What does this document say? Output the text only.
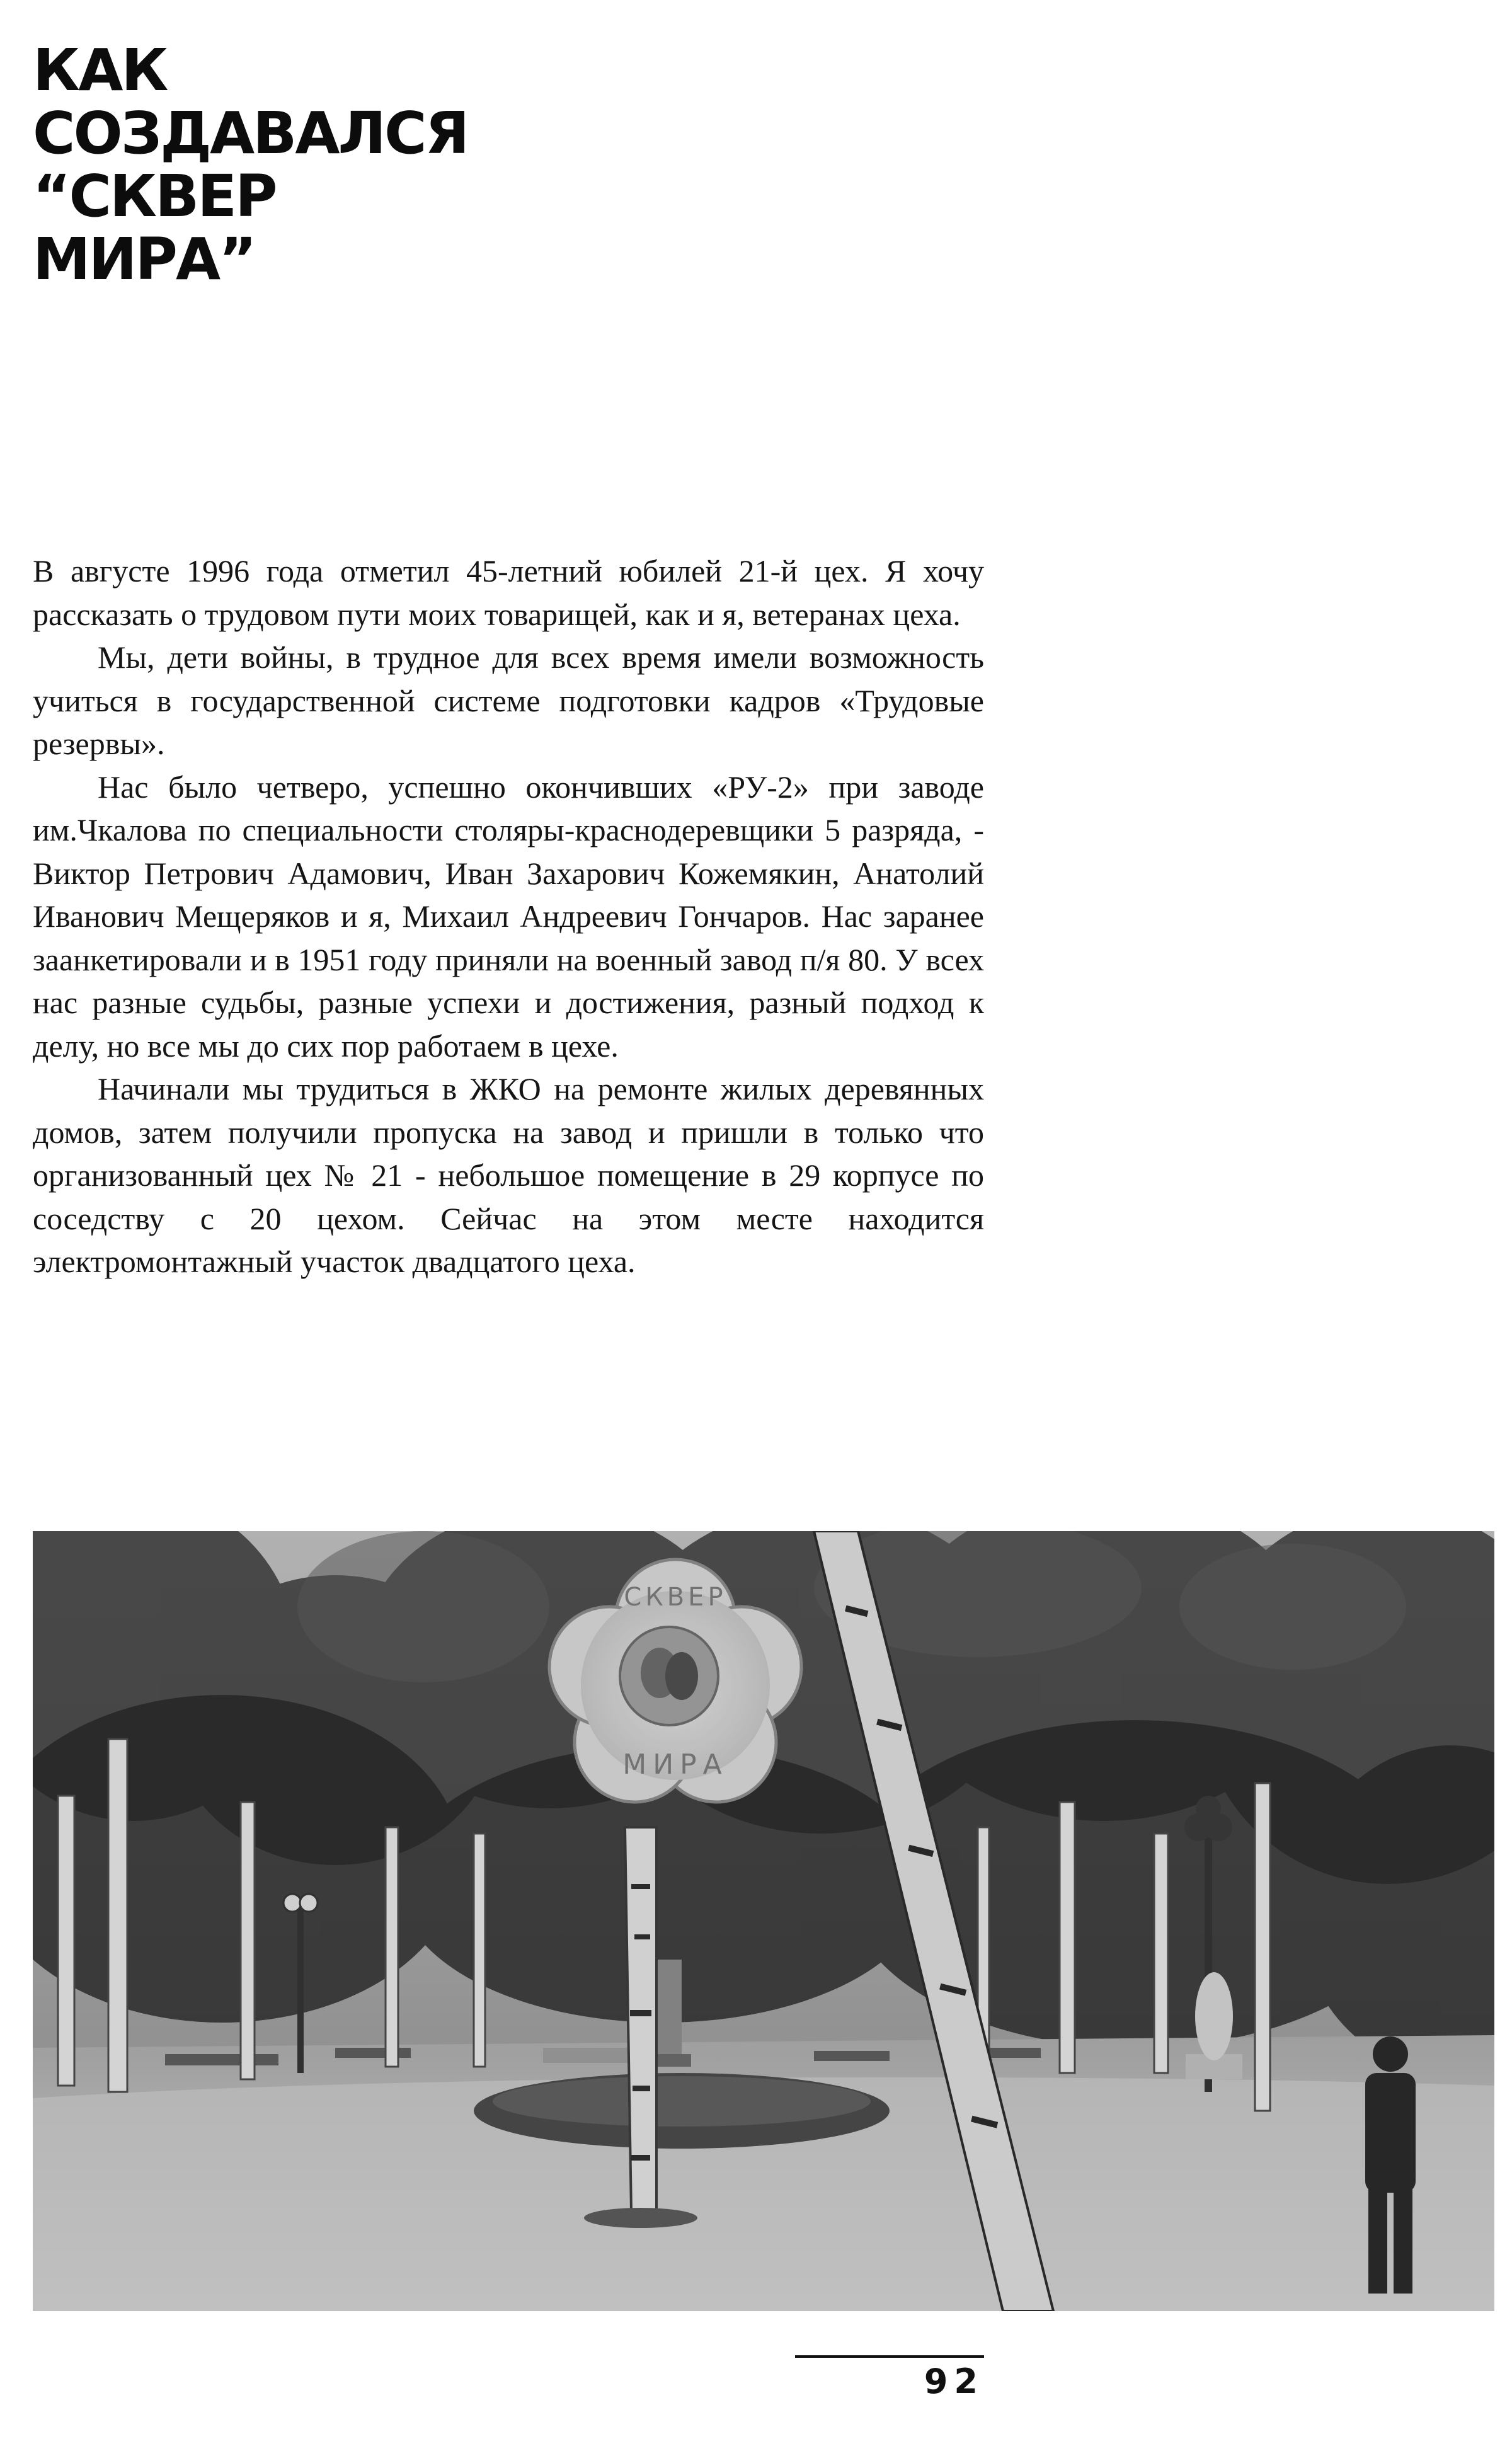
КАК
СОЗДАВАЛСЯ
“СКВЕР
МИРА”

В августе 1996 года отметил 45-летний юбилей 21-й цех. Я хочу рассказать о трудовом пути моих товарищей, как и я, ветеранах цеха.

Мы, дети войны, в трудное для всех время имели возможность учиться в государственной системе подготовки кадров «Трудовые резервы».

Нас было четверо, успешно окончивших «РУ-2» при заводе им.Чкалова по специальности столяры-краснодеревщики 5 разряда, - Виктор Петрович Адамович, Иван Захарович Кожемякин, Анатолий Иванович Мещеряков и я, Михаил Андреевич Гончаров. Нас заранее заанкетировали и в 1951 году приняли на военный завод п/я 80. У всех нас разные судьбы, разные успехи и достижения, разный подход к делу, но все мы до сих пор работаем в цехе.

Начинали мы трудиться в ЖКО на ремонте жилых деревянных домов, затем получили пропуска на завод и пришли в только что организованный цех № 21 - небольшое помещение в 29 корпусе по соседству с 20 цехом. Сейчас на этом месте находится электромонтажный участок двадцатого цеха.

СКВЕР
МИРА
92
